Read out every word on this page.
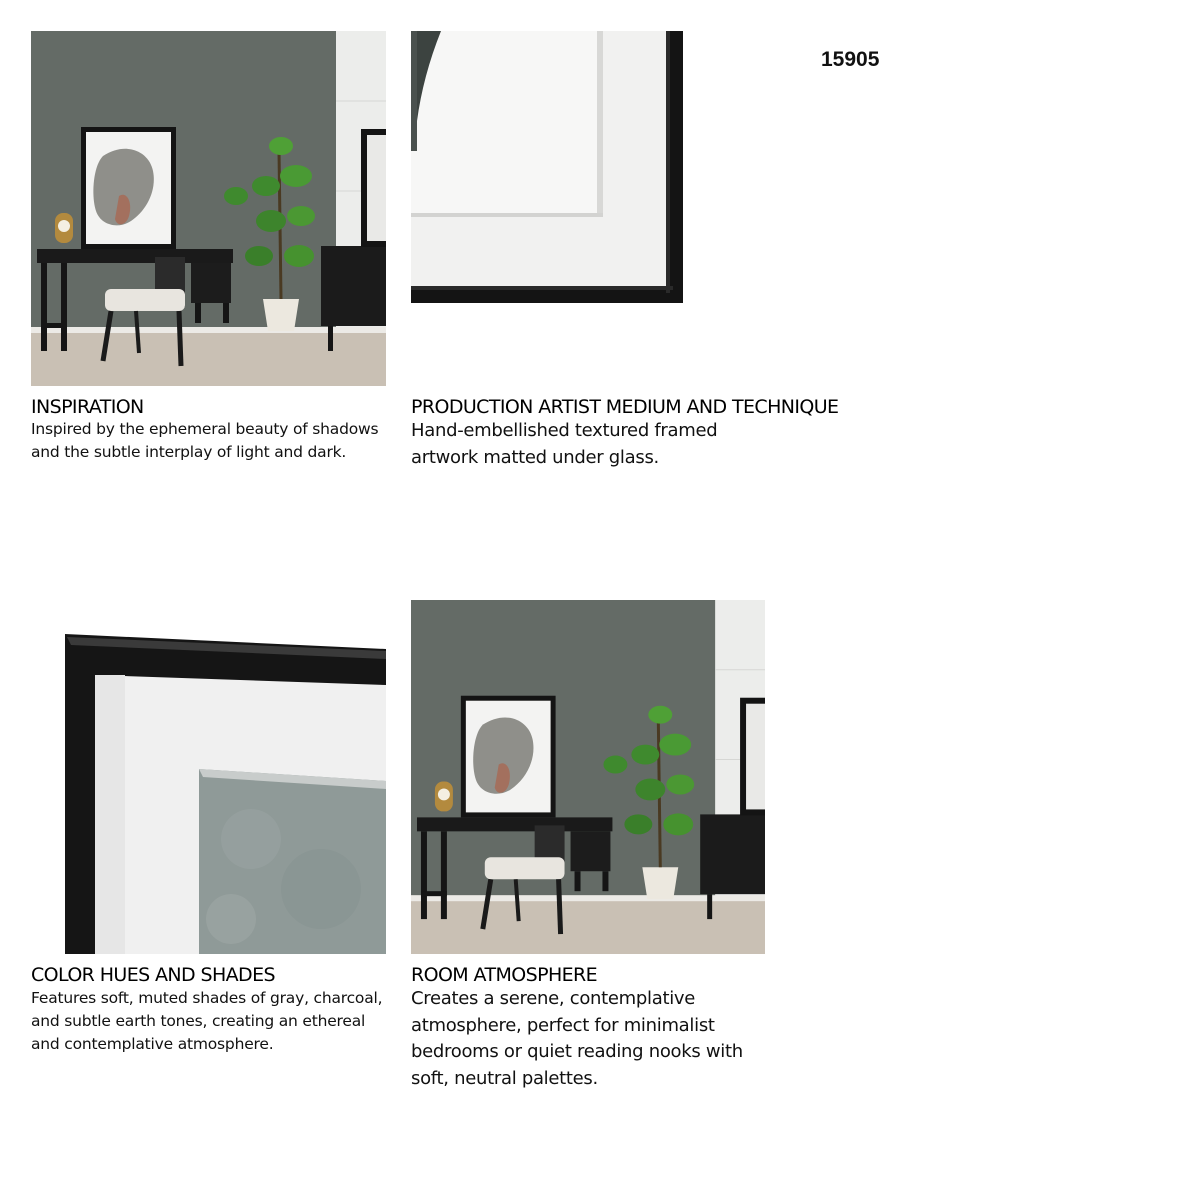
15905
INSPIRATION
Inspired by the ephemeral beauty of shadows
and the subtle interplay of light and dark.
PRODUCTION ARTIST MEDIUM AND TECHNIQUE
Hand-embellished textured framed
artwork matted under glass.
COLOR HUES AND SHADES
Features soft, muted shades of gray, charcoal,
and subtle earth tones, creating an ethereal
and contemplative atmosphere.
ROOM ATMOSPHERE
Creates a serene, contemplative
atmosphere, perfect for minimalist
bedrooms or quiet reading nooks with
soft, neutral palettes.
